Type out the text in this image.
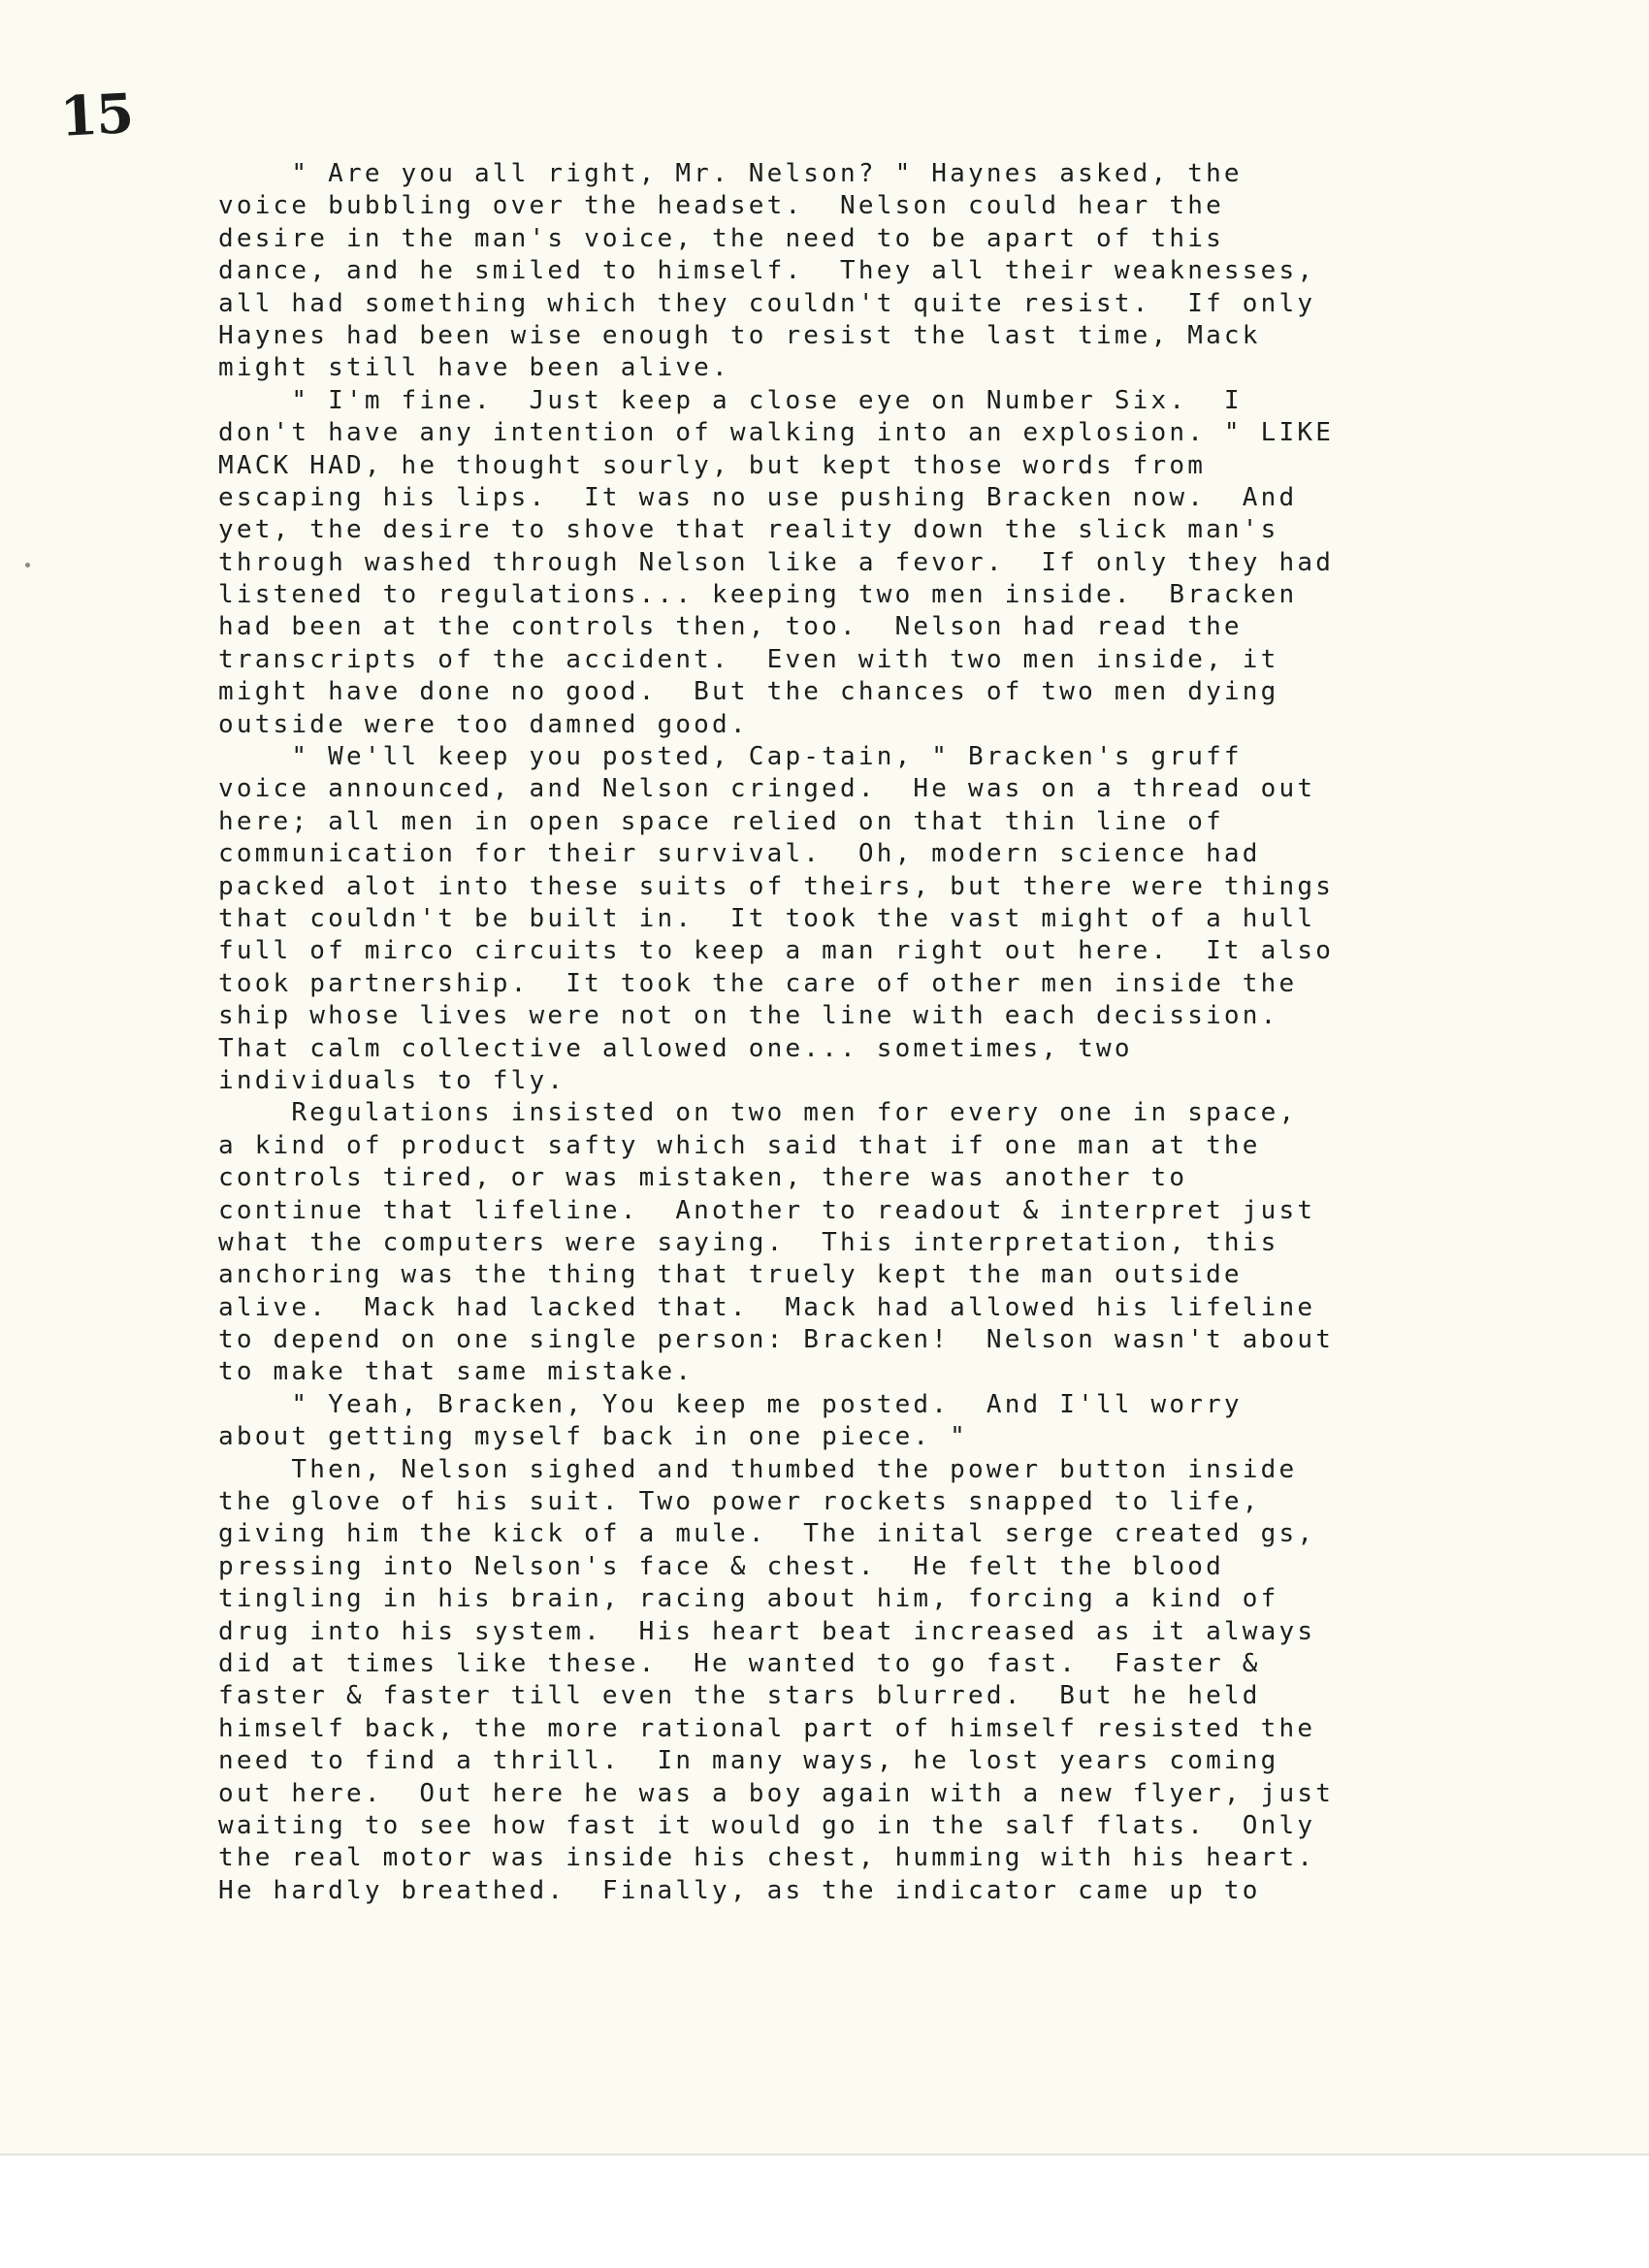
15
" Are you all right, Mr. Nelson? " Haynes asked, the
voice bubbling over the headset.  Nelson could hear the
desire in the man's voice, the need to be apart of this
dance, and he smiled to himself.  They all their weaknesses,
all had something which they couldn't quite resist.  If only
Haynes had been wise enough to resist the last time, Mack
might still have been alive.
" I'm fine.  Just keep a close eye on Number Six.  I
don't have any intention of walking into an explosion. " LIKE
MACK HAD, he thought sourly, but kept those words from
escaping his lips.  It was no use pushing Bracken now.  And
yet, the desire to shove that reality down the slick man's
through washed through Nelson like a fevor.  If only they had
listened to regulations... keeping two men inside.  Bracken
had been at the controls then, too.  Nelson had read the
transcripts of the accident.  Even with two men inside, it
might have done no good.  But the chances of two men dying
outside were too damned good.
" We'll keep you posted, Cap-tain, " Bracken's gruff
voice announced, and Nelson cringed.  He was on a thread out
here; all men in open space relied on that thin line of
communication for their survival.  Oh, modern science had
packed alot into these suits of theirs, but there were things
that couldn't be built in.  It took the vast might of a hull
full of mirco circuits to keep a man right out here.  It also
took partnership.  It took the care of other men inside the
ship whose lives were not on the line with each decission.
That calm collective allowed one... sometimes, two
individuals to fly.
Regulations insisted on two men for every one in space,
a kind of product safty which said that if one man at the
controls tired, or was mistaken, there was another to
continue that lifeline.  Another to readout & interpret just
what the computers were saying.  This interpretation, this
anchoring was the thing that truely kept the man outside
alive.  Mack had lacked that.  Mack had allowed his lifeline
to depend on one single person: Bracken!  Nelson wasn't about
to make that same mistake.
" Yeah, Bracken, You keep me posted.  And I'll worry
about getting myself back in one piece. "
Then, Nelson sighed and thumbed the power button inside
the glove of his suit. Two power rockets snapped to life,
giving him the kick of a mule.  The inital serge created gs,
pressing into Nelson's face & chest.  He felt the blood
tingling in his brain, racing about him, forcing a kind of
drug into his system.  His heart beat increased as it always
did at times like these.  He wanted to go fast.  Faster &
faster & faster till even the stars blurred.  But he held
himself back, the more rational part of himself resisted the
need to find a thrill.  In many ways, he lost years coming
out here.  Out here he was a boy again with a new flyer, just
waiting to see how fast it would go in the salf flats.  Only
the real motor was inside his chest, humming with his heart.
He hardly breathed.  Finally, as the indicator came up to
